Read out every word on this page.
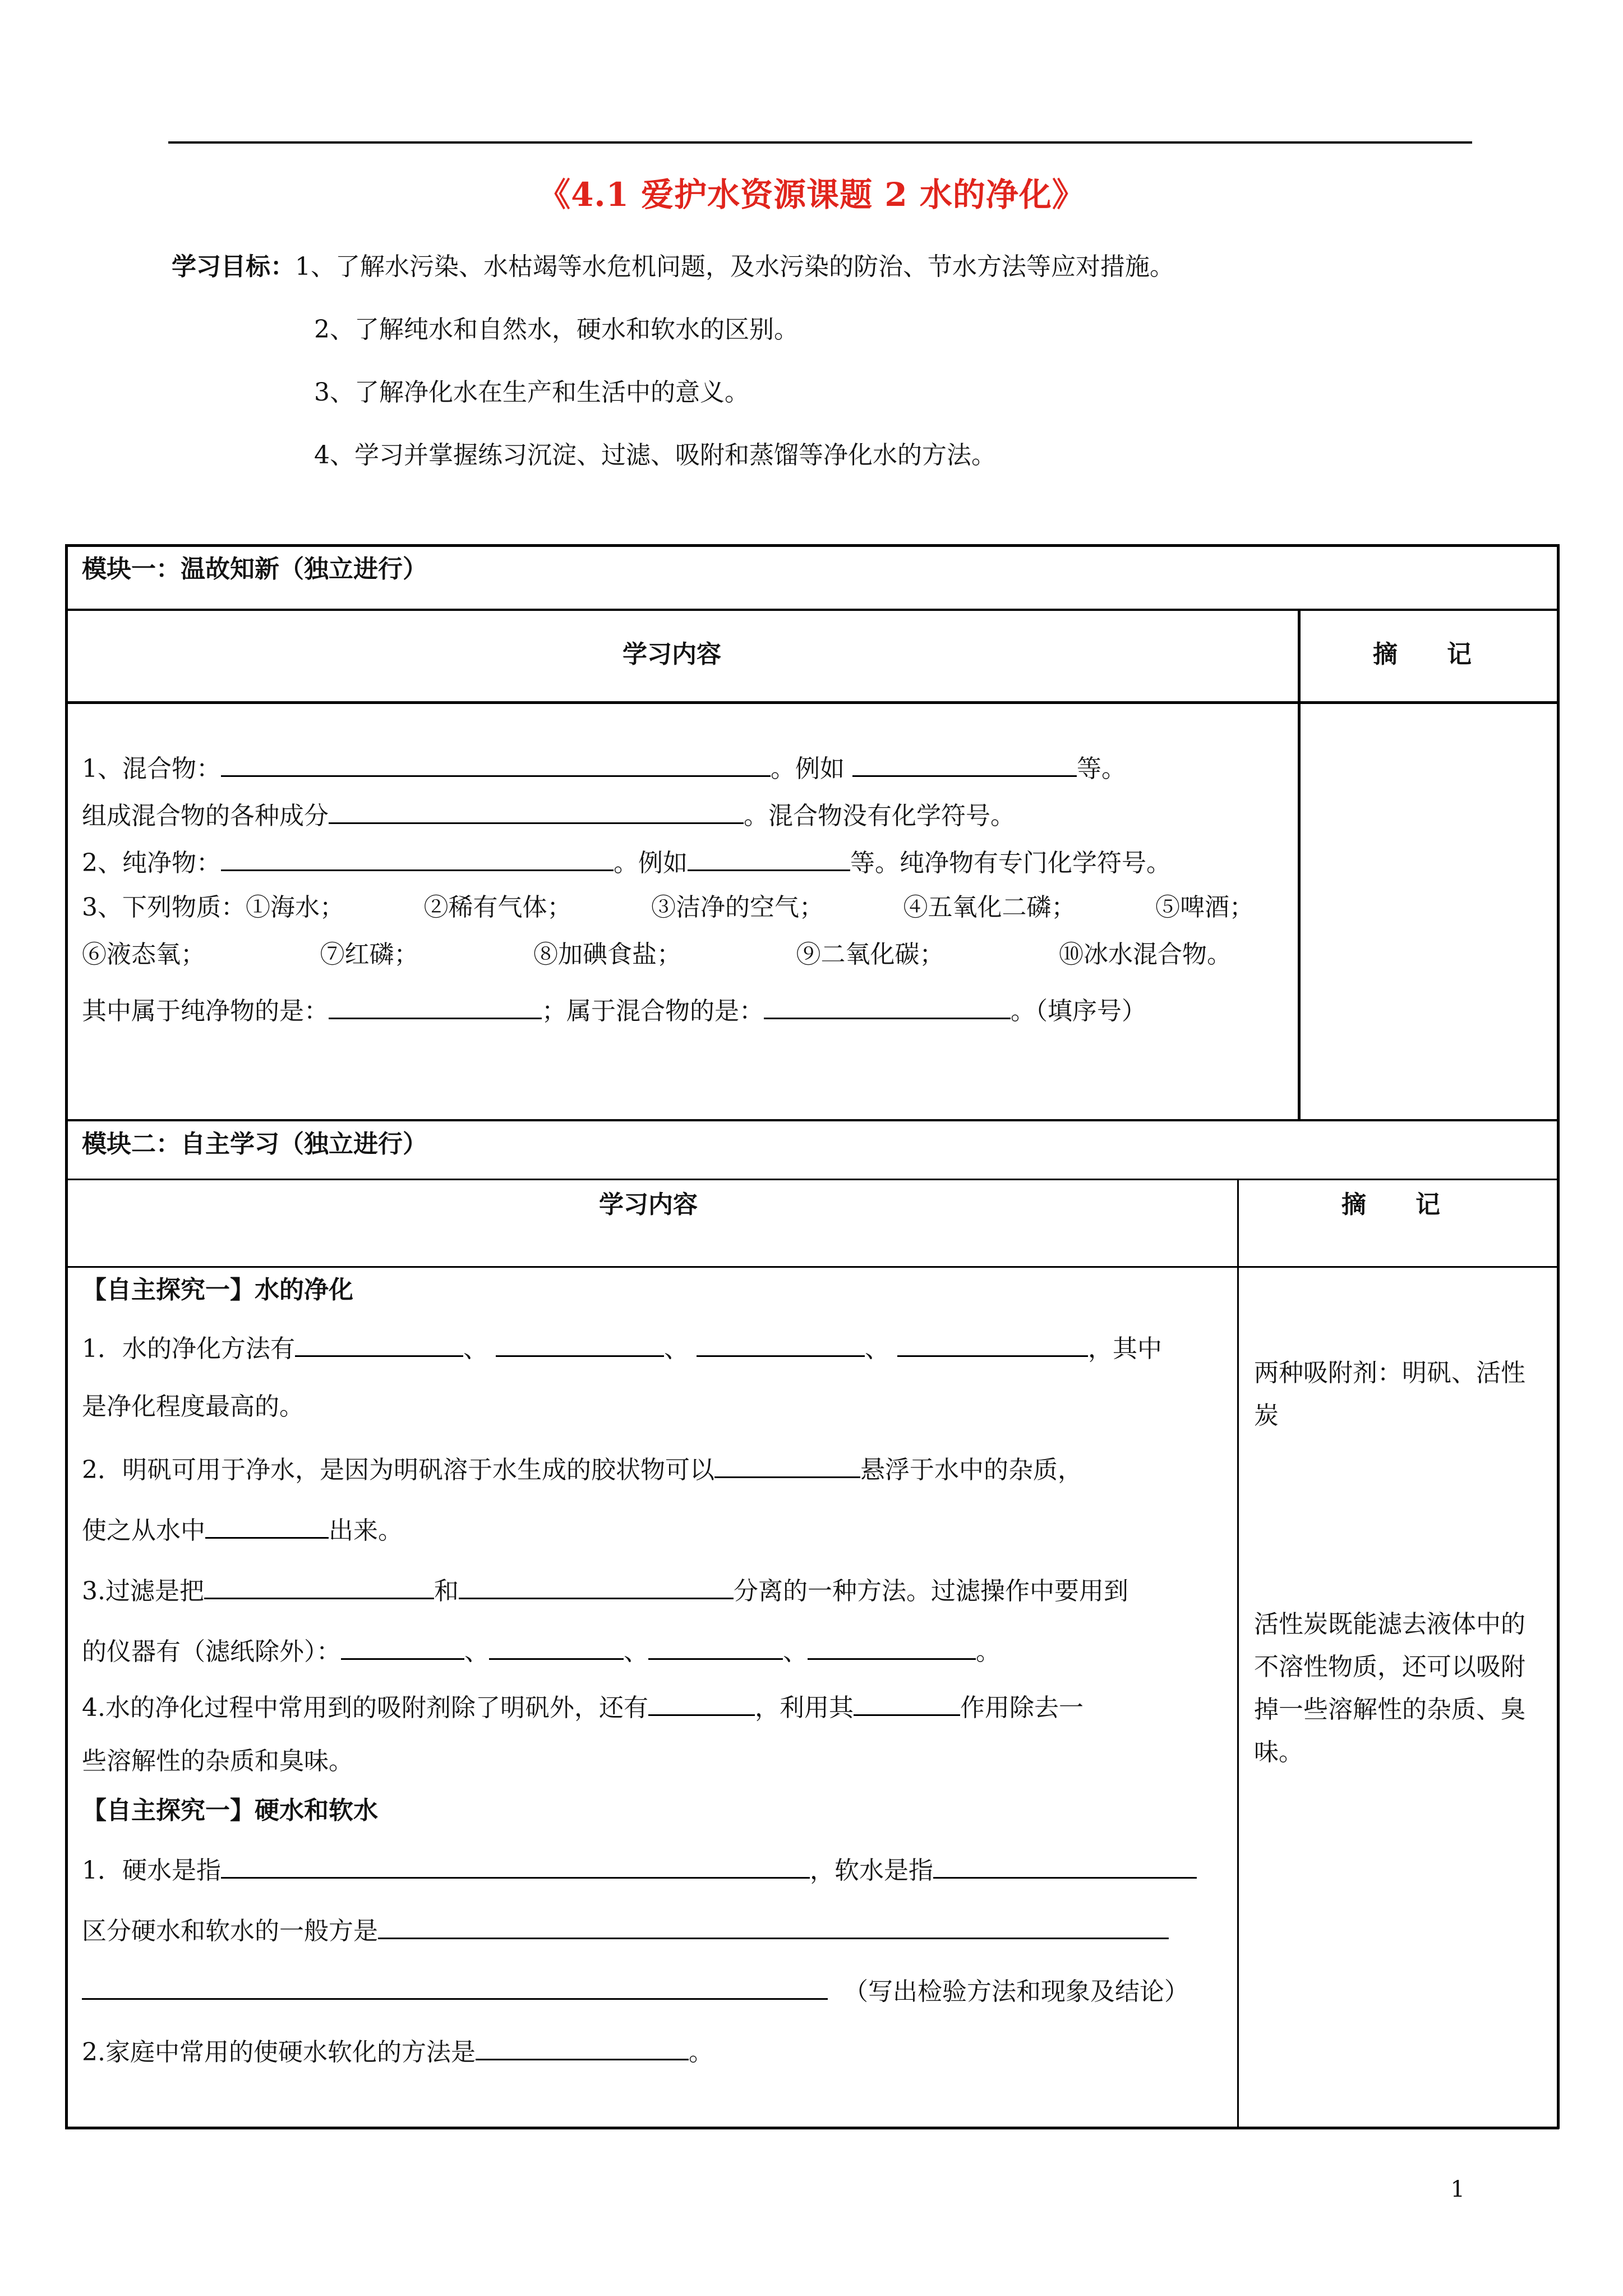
《4.1 爱护水资源课题 2 水的净化》
学习目标：1、了解水污染、水枯竭等水危机问题，及水污染的防治、节水方法等应对措施。
2、了解纯水和自然水，硬水和软水的区别。
3、了解净化水在生产和生活中的意义。
4、学习并掌握练习沉淀、过滤、吸附和蒸馏等净化水的方法。
模块一：温故知新（独立进行）
学习内容	摘　　记
1、混合物：	。例如	等。
组成混合物的各种成分	。混合物没有化学符号。
2、纯净物：	。例如	等。纯净物有专门化学符号。
3、下列物质：①海水；	②稀有气体；	③洁净的空气；	④五氧化二磷；	⑤啤酒；
⑥液态氧；	⑦红磷；	⑧加碘食盐；	⑨二氧化碳；	⑩冰水混合物。
其中属于纯净物的是：	；属于混合物的是：	。（填序号）
模块二：自主学习（独立进行）
学习内容	摘　　记
【自主探究一】水的净化
1．水的净化方法有	、	、	、	，其中
是净化程度最高的。
2．明矾可用于净水，是因为明矾溶于水生成的胶状物可以	悬浮于水中的杂质，
使之从水中	出来。
3.过滤是把	和	分离的一种方法。过滤操作中要用到
的仪器有（滤纸除外）：	、	、	、	。
4.水的净化过程中常用到的吸附剂除了明矾外，还有	，利用其	作用除去一
些溶解性的杂质和臭味。
【自主探究一】硬水和软水
1．硬水是指	，软水是指
区分硬水和软水的一般方是
（写出检验方法和现象及结论）
2.家庭中常用的使硬水软化的方法是	。
两种吸附剂：明矾、活性炭
活性炭既能滤去液体中的不溶性物质，还可以吸附掉一些溶解性的杂质、臭味。
1
